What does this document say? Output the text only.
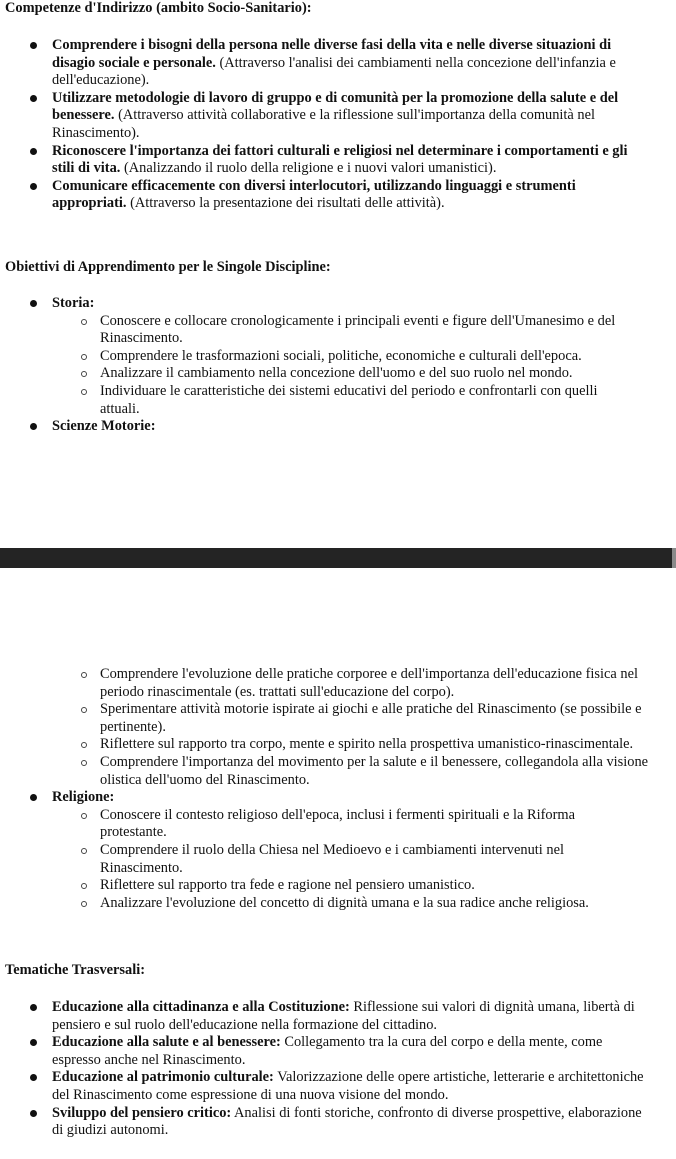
Competenze d'Indirizzo (ambito Socio-Sanitario):
Comprendere i bisogni della persona nelle diverse fasi della vita e nelle diverse situazioni di disagio sociale e personale. (Attraverso l'analisi dei cambiamenti nella concezione dell'infanzia e dell'educazione).
Utilizzare metodologie di lavoro di gruppo e di comunità per la promozione della salute e del benessere. (Attraverso attività collaborative e la riflessione sull'importanza della comunità nel Rinascimento).
Riconoscere l'importanza dei fattori culturali e religiosi nel determinare i comportamenti e gli stili di vita. (Analizzando il ruolo della religione e i nuovi valori umanistici).
Comunicare efficacemente con diversi interlocutori, utilizzando linguaggi e strumenti appropriati. (Attraverso la presentazione dei risultati delle attività).
Obiettivi di Apprendimento per le Singole Discipline:
Storia:
Conoscere e collocare cronologicamente i principali eventi e figure dell'Umanesimo e del Rinascimento.
Comprendere le trasformazioni sociali, politiche, economiche e culturali dell'epoca.
Analizzare il cambiamento nella concezione dell'uomo e del suo ruolo nel mondo.
Individuare le caratteristiche dei sistemi educativi del periodo e confrontarli con quelli attuali.
Scienze Motorie:
Comprendere l'evoluzione delle pratiche corporee e dell'importanza dell'educazione fisica nel periodo rinascimentale (es. trattati sull'educazione del corpo).
Sperimentare attività motorie ispirate ai giochi e alle pratiche del Rinascimento (se possibile e pertinente).
Riflettere sul rapporto tra corpo, mente e spirito nella prospettiva umanistico-rinascimentale.
Comprendere l'importanza del movimento per la salute e il benessere, collegandola alla visione olistica dell'uomo del Rinascimento.
Religione:
Conoscere il contesto religioso dell'epoca, inclusi i fermenti spirituali e la Riforma protestante.
Comprendere il ruolo della Chiesa nel Medioevo e i cambiamenti intervenuti nel Rinascimento.
Riflettere sul rapporto tra fede e ragione nel pensiero umanistico.
Analizzare l'evoluzione del concetto di dignità umana e la sua radice anche religiosa.
Tematiche Trasversali:
Educazione alla cittadinanza e alla Costituzione: Riflessione sui valori di dignità umana, libertà di pensiero e sul ruolo dell'educazione nella formazione del cittadino.
Educazione alla salute e al benessere: Collegamento tra la cura del corpo e della mente, come espresso anche nel Rinascimento.
Educazione al patrimonio culturale: Valorizzazione delle opere artistiche, letterarie e architettoniche del Rinascimento come espressione di una nuova visione del mondo.
Sviluppo del pensiero critico: Analisi di fonti storiche, confronto di diverse prospettive, elaborazione di giudizi autonomi.
